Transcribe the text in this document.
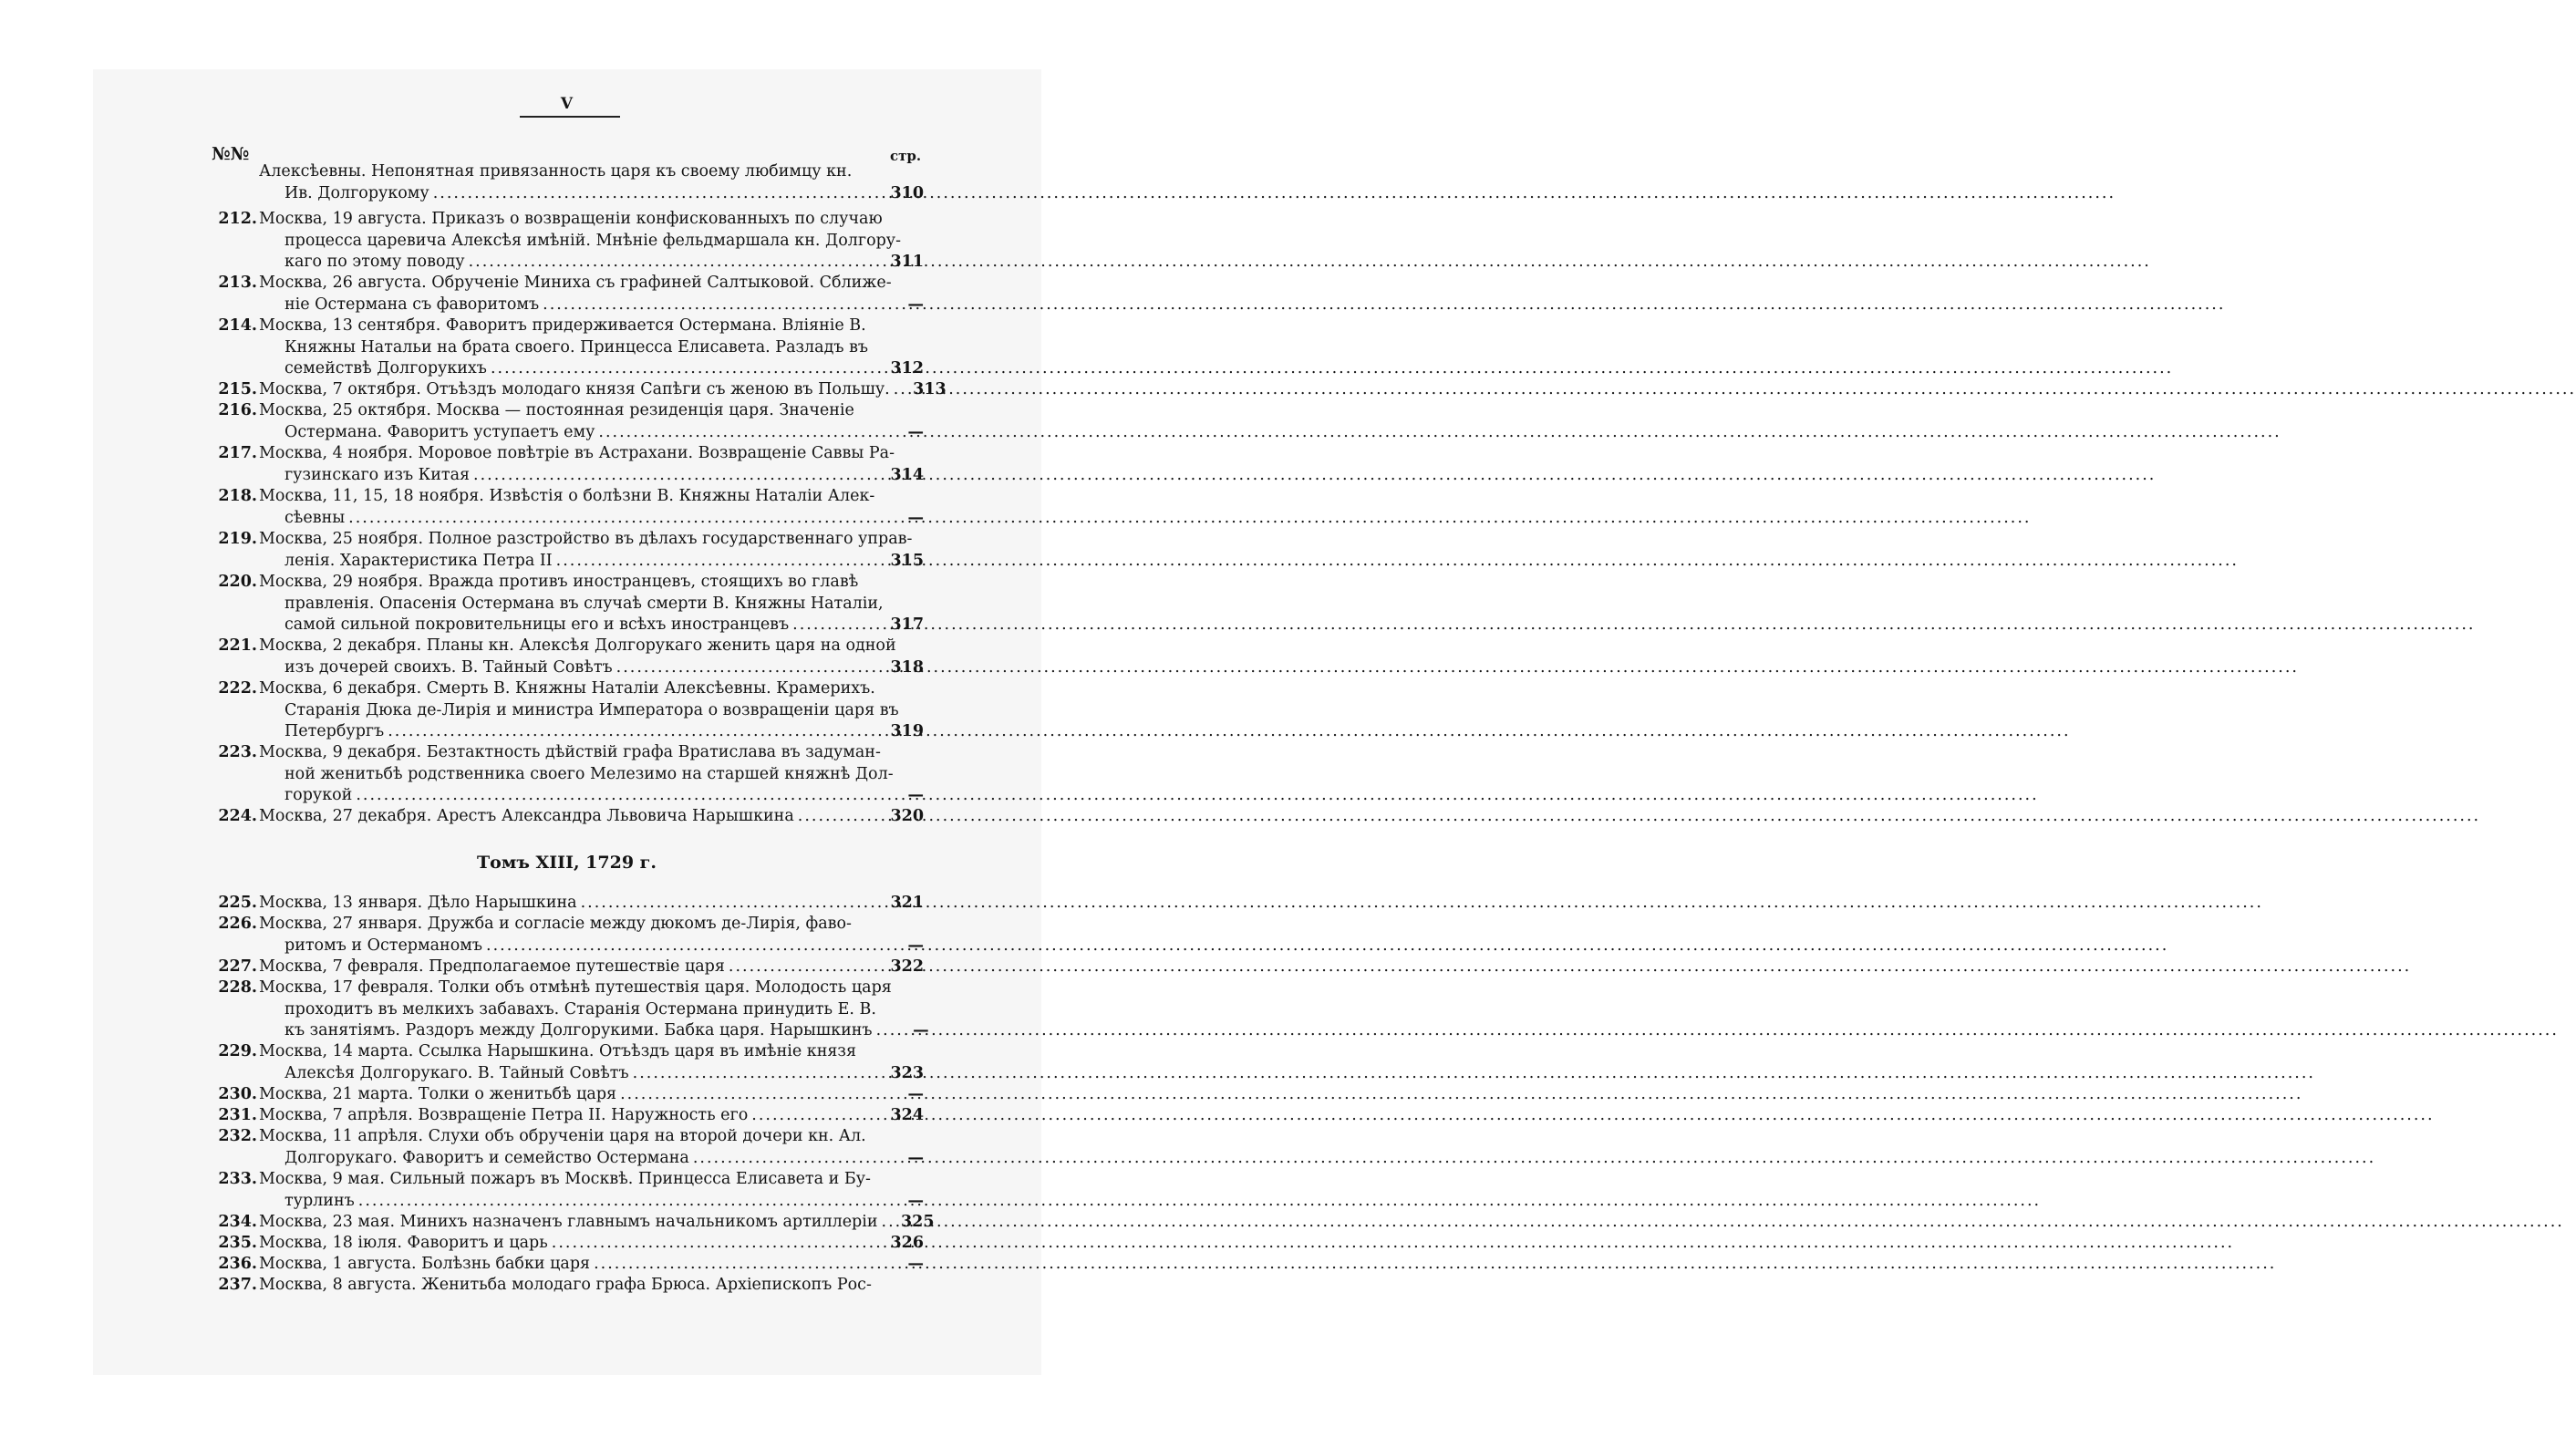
V
№№	стр.
Алексѣевны. Непонятная привязанность царя къ своему любимцу кн.
Ив. Долгорукому .....	310
212. Москва, 19 августа. Приказъ о возвращеніи конфискованныхъ по случаю
процесса царевича Алексѣя имѣній. Мнѣніе фельдмаршала кн. Долгору-
каго по этому поводу .....	311
213. Москва, 26 августа. Обрученіе Миниха съ графиней Салтыковой. Сближе-
ніе Остермана съ фаворитомъ .....	—
214. Москва, 13 сентября. Фаворитъ придерживается Остермана. Вліяніе В.
Княжны Натальи на брата своего. Принцесса Елисавета. Разладъ въ
семействѣ Долгорукихъ .....	312
215. Москва, 7 октября. Отъѣздъ молодаго князя Сапѣги съ женою въ Польшу. .....	313
216. Москва, 25 октября. Москва — постоянная резиденція царя. Значеніе
Остермана. Фаворитъ уступаетъ ему .....	—
217. Москва, 4 ноября. Моровое повѣтріе въ Астрахани. Возвращеніе Саввы Ра-
гузинскаго изъ Китая .....	314
218. Москва, 11, 15, 18 ноября. Извѣстія о болѣзни В. Княжны Наталіи Алек-
сѣевны .....	—
219. Москва, 25 ноября. Полное разстройство въ дѣлахъ государственнаго управ-
ленія. Характеристика Петра II .....	315
220. Москва, 29 ноября. Вражда противъ иностранцевъ, стоящихъ во главѣ
правленія. Опасенія Остермана въ случаѣ смерти В. Княжны Наталіи,
самой сильной покровительницы его и всѣхъ иностранцевъ .....	317
221. Москва, 2 декабря. Планы кн. Алексѣя Долгорукаго женить царя на одной
изъ дочерей своихъ. В. Тайный Совѣтъ .....	318
222. Москва, 6 декабря. Смерть В. Княжны Наталіи Алексѣевны. Крамерихъ.
Старанія Дюка де-Лирія и министра Императора о возвращеніи царя въ
Петербургъ .....	319
223. Москва, 9 декабря. Безтактность дѣйствій графа Вратислава въ задуман-
ной женитьбѣ родственника своего Мелезимо на старшей княжнѣ Дол-
горукой .....	—
224. Москва, 27 декабря. Арестъ Александра Львовича Нарышкина .....	320
225. Москва, 13 января. Дѣло Нарышкина .....	321
226. Москва, 27 января. Дружба и согласіе между дюкомъ де-Лирія, фаво-
ритомъ и Остерманомъ .....	—
227. Москва, 7 февраля. Предполагаемое путешествіе царя .....	322
228. Москва, 17 февраля. Толки объ отмѣнѣ путешествія царя. Молодость царя
проходитъ въ мелкихъ забавахъ. Старанія Остермана принудить Е. В.
къ занятіямъ. Раздоръ между Долгорукими. Бабка царя. Нарышкинъ .....	—
229. Москва, 14 марта. Ссылка Нарышкина. Отъѣздъ царя въ имѣніе князя
Алексѣя Долгорукаго. В. Тайный Совѣтъ .....	323
230. Москва, 21 марта. Толки о женитьбѣ царя .....	—
231. Москва, 7 апрѣля. Возвращеніе Петра II. Наружность его .....	324
232. Москва, 11 апрѣля. Слухи объ обрученіи царя на второй дочери кн. Ал.
Долгорукаго. Фаворитъ и семейство Остермана .....	—
233. Москва, 9 мая. Сильный пожаръ въ Москвѣ. Принцесса Елисавета и Бу-
турлинъ .....	—
234. Москва, 23 мая. Минихъ назначенъ главнымъ начальникомъ артиллеріи .....	325
235. Москва, 18 іюля. Фаворитъ и царь .....	326
236. Москва, 1 августа. Болѣзнь бабки царя .....	—
237. Москва, 8 августа. Женитьба молодаго графа Брюса. Архіепископъ Рос-
Томъ XIII, 1729 г.
